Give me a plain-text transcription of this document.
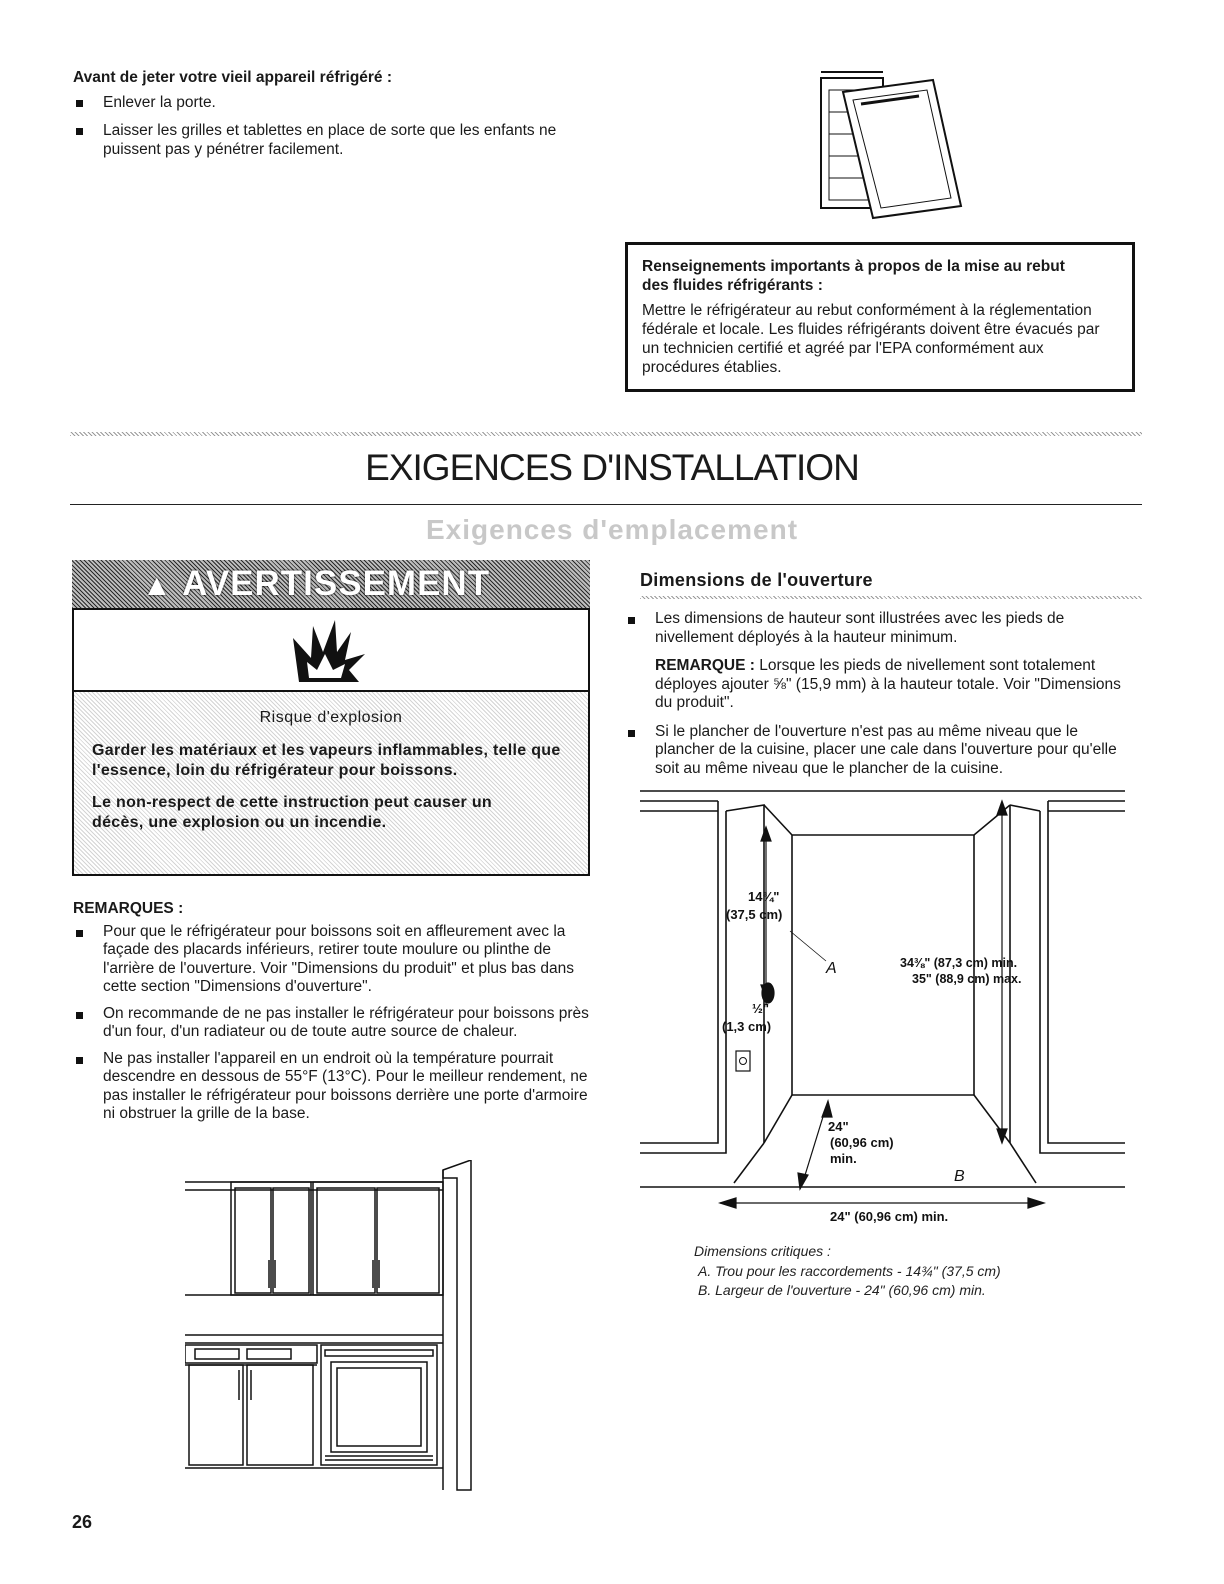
Avant de jeter votre vieil appareil réfrigéré :

Enlever la porte.
Laisser les grilles et tablettes en place de sorte que les enfants ne puissent pas y pénétrer facilement.

Renseignements importants à propos de la mise au rebut des fluides réfrigérants :

Mettre le réfrigérateur au rebut conformément à la réglementation fédérale et locale. Les fluides réfrigérants doivent être évacués par un technicien certifié et agréé par l'EPA conformément aux procédures établies.

EXIGENCES D'INSTALLATION
Exigences d'emplacement
▲ AVERTISSEMENT

Risque d'explosion

Garder les matériaux et les vapeurs inflammables, telle que l'essence, loin du réfrigérateur pour boissons.

Le non-respect de cette instruction peut causer un décès, une explosion ou un incendie.

REMARQUES :

Pour que le réfrigérateur pour boissons soit en affleurement avec la façade des placards inférieurs, retirer toute moulure ou plinthe de l'arrière de l'ouverture. Voir "Dimensions du produit" et plus bas dans cette section "Dimensions d'ouverture".
On recommande de ne pas installer le réfrigérateur pour boissons près d'un four, d'un radiateur ou de toute autre source de chaleur.
Ne pas installer l'appareil en un endroit où la température pourrait descendre en dessous de 55°F (13°C). Pour le meilleur rendement, ne pas installer le réfrigérateur pour boissons derrière une porte d'armoire ni obstruer la grille de la base.
26

Dimensions de l'ouverture

Les dimensions de hauteur sont illustrées avec les pieds de nivellement déployés à la hauteur minimum.
REMARQUE : Lorsque les pieds de nivellement sont totalement déployes ajouter ⅝" (15,9 mm) à la hauteur totale. Voir "Dimensions du produit".
Si le plancher de l'ouverture n'est pas au même niveau que le plancher de la cuisine, placer une cale dans l'ouverture pour qu'elle soit au même niveau que le plancher de la cuisine.
14¾"
(37,5 cm)
A
½"
(1,3 cm)
34⅜" (87,3 cm) min.
35" (88,9 cm) max.
24"
(60,96 cm)
min.
B
24" (60,96 cm) min.

Dimensions critiques :

A. Trou pour les raccordements - 14¾" (37,5 cm)

B. Largeur de l'ouverture - 24" (60,96 cm) min.
